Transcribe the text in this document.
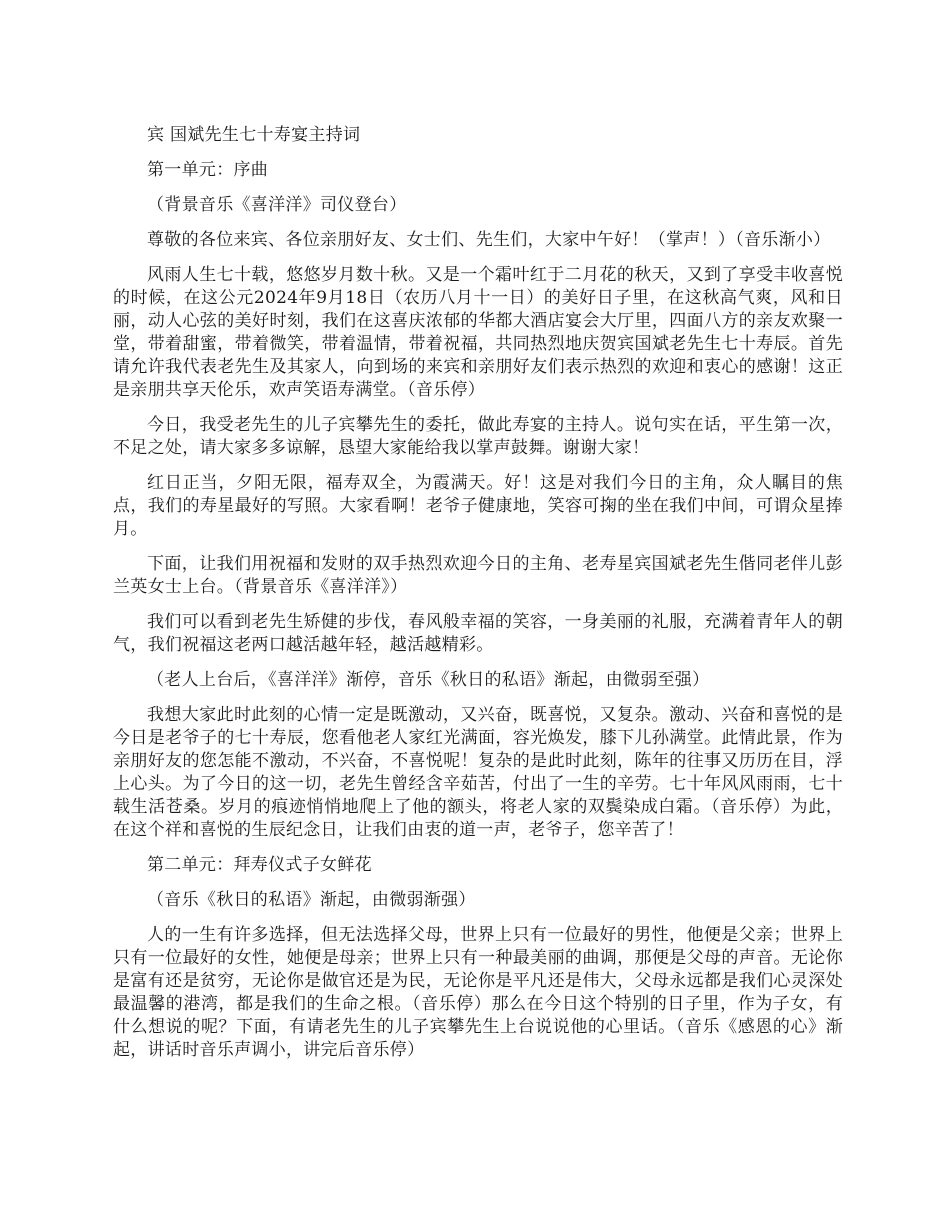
宾 国斌先生七十寿宴主持词

第一单元：序曲

（背景音乐《喜洋洋》司仪登台）

尊敬的各位来宾、各位亲朋好友、女士们、先生们，大家中午好！（掌声！）（音乐渐小）

风雨人生七十载，悠悠岁月数十秋。又是一个霜叶红于二月花的秋天，又到了享受丰收喜悦的时候，在这公元2024年9月18日（农历八月十一日）的美好日子里，在这秋高气爽，风和日丽，动人心弦的美好时刻，我们在这喜庆浓郁的华都大酒店宴会大厅里，四面八方的亲友欢聚一堂，带着甜蜜，带着微笑，带着温情，带着祝福，共同热烈地庆贺宾国斌老先生七十寿辰。首先请允许我代表老先生及其家人，向到场的来宾和亲朋好友们表示热烈的欢迎和衷心的感谢！这正是亲朋共享天伦乐，欢声笑语寿满堂。（音乐停）

今日，我受老先生的儿子宾攀先生的委托，做此寿宴的主持人。说句实在话，平生第一次，不足之处，请大家多多谅解，恳望大家能给我以掌声鼓舞。谢谢大家！

红日正当，夕阳无限，福寿双全，为霞满天。好！这是对我们今日的主角，众人瞩目的焦点，我们的寿星最好的写照。大家看啊！老爷子健康地，笑容可掬的坐在我们中间，可谓众星捧月。

下面，让我们用祝福和发财的双手热烈欢迎今日的主角、老寿星宾国斌老先生偕同老伴儿彭兰英女士上台。（背景音乐《喜洋洋》）

我们可以看到老先生矫健的步伐，春风般幸福的笑容，一身美丽的礼服，充满着青年人的朝气，我们祝福这老两口越活越年轻，越活越精彩。

（老人上台后，《喜洋洋》渐停，音乐《秋日的私语》渐起，由微弱至强）

我想大家此时此刻的心情一定是既激动，又兴奋，既喜悦，又复杂。激动、兴奋和喜悦的是今日是老爷子的七十寿辰，您看他老人家红光满面，容光焕发，膝下儿孙满堂。此情此景，作为亲朋好友的您怎能不激动，不兴奋，不喜悦呢！复杂的是此时此刻，陈年的往事又历历在目，浮上心头。为了今日的这一切，老先生曾经含辛茹苦，付出了一生的辛劳。七十年风风雨雨，七十载生活苍桑。岁月的痕迹悄悄地爬上了他的额头，将老人家的双鬓染成白霜。（音乐停）为此，在这个祥和喜悦的生辰纪念日，让我们由衷的道一声，老爷子，您辛苦了！

第二单元：拜寿仪式子女鲜花

（音乐《秋日的私语》渐起，由微弱渐强）

人的一生有许多选择，但无法选择父母，世界上只有一位最好的男性，他便是父亲；世界上只有一位最好的女性，她便是母亲；世界上只有一种最美丽的曲调，那便是父母的声音。无论你是富有还是贫穷，无论你是做官还是为民，无论你是平凡还是伟大，父母永远都是我们心灵深处最温馨的港湾，都是我们的生命之根。（音乐停）那么在今日这个特别的日子里，作为子女，有什么想说的呢？下面，有请老先生的儿子宾攀先生上台说说他的心里话。（音乐《感恩的心》渐起，讲话时音乐声调小，讲完后音乐停）
